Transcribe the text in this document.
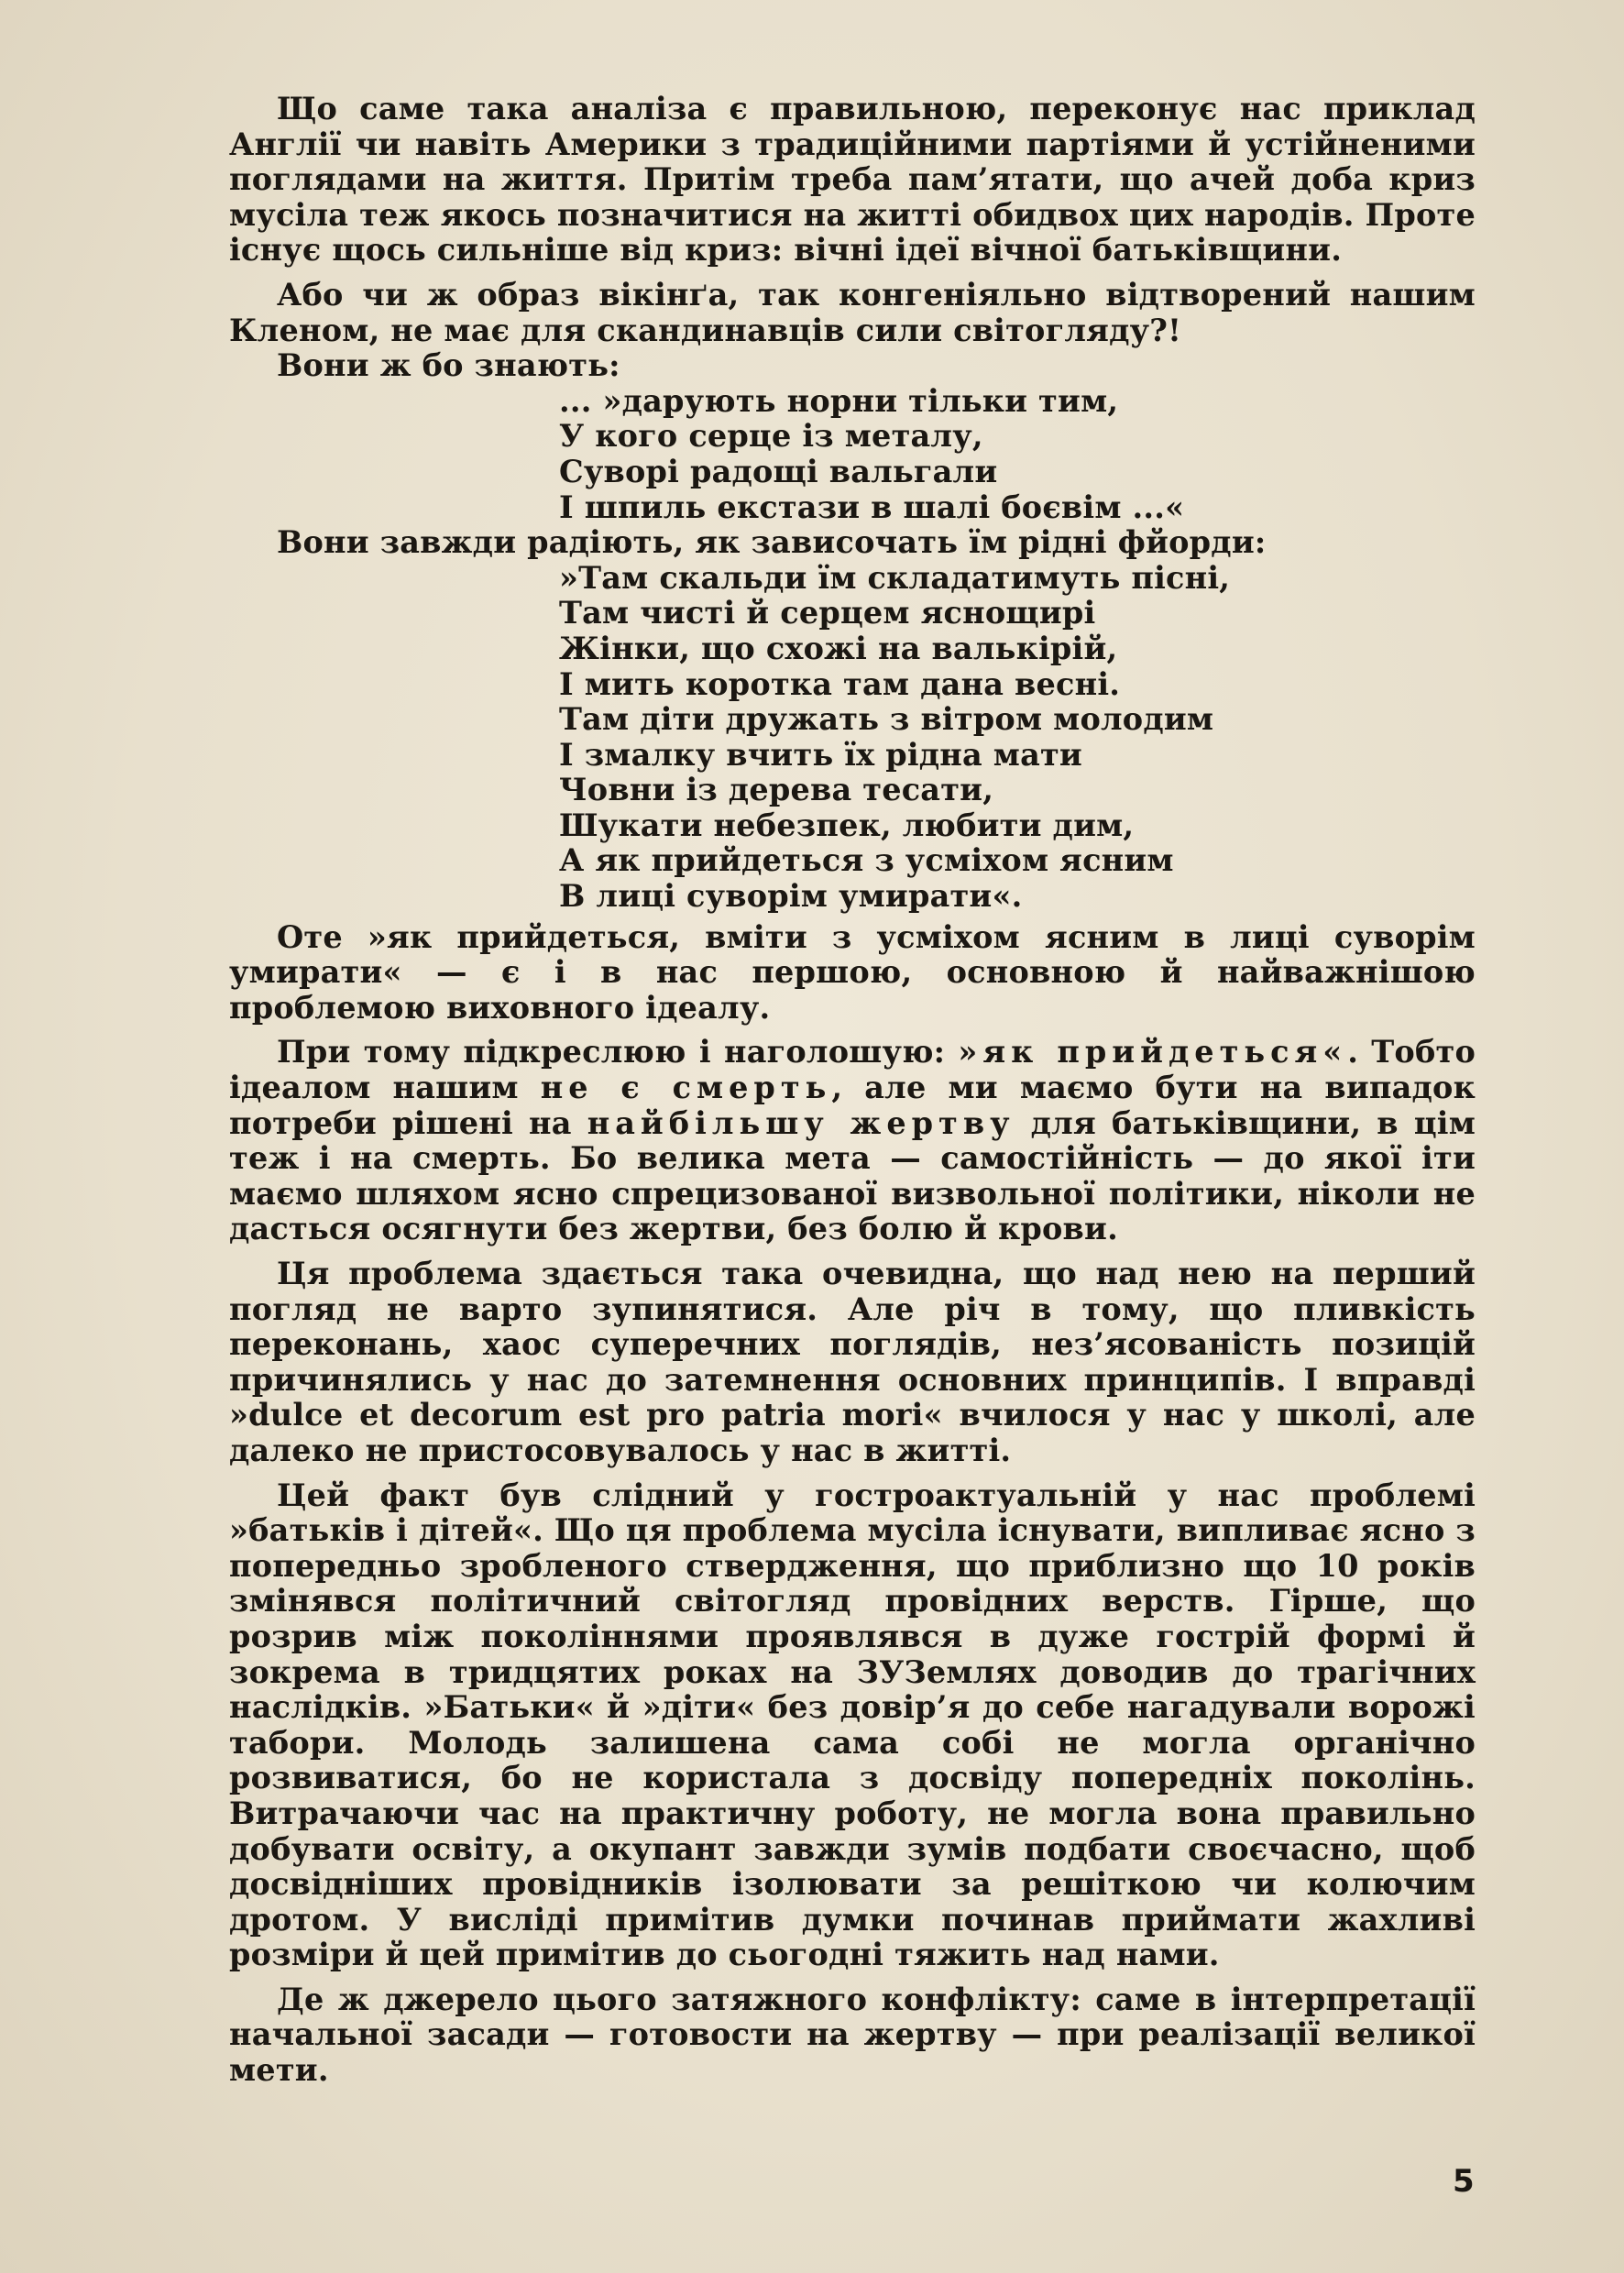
Що саме така аналіза є правильною, переконує нас приклад Англії чи навіть Америки з традиційними партіями й устійненими поглядами на життя. Притім треба пам’ятати, що ачей доба криз мусіла теж якось позначитися на житті обидвох цих народів. Проте існує щось сильніше від криз: вічні ідеї вічної батьківщини.

Або чи ж образ вікінґа, так конгеніяльно відтворений нашим Кленом, не має для скандинавців сили світогляду?!

Вони ж бо знають:

... »дарують норни тільки тим,
У кого серце із металу,
Суворі радощі вальгали
І шпиль екстази в шалі боєвім ...«

Вони завжди радіють, як зависочать їм рідні фйорди:

»Там скальди їм складатимуть пісні,
Там чисті й серцем яснощирі
Жінки, що схожі на валькірій,
І мить коротка там дана весні.
Там діти дружать з вітром молодим
І змалку вчить їх рідна мати
Човни із дерева тесати,
Шукати небезпек, любити дим,
А як прийдеться з усміхом ясним
В лиці суворім умирати«.

Оте »як прийдеться, вміти з усміхом ясним в лиці суворім умирати« — є і в нас першою, основною й найважнішою проблемою виховного ідеалу.

При тому підкреслюю і наголошую: »як прийдеться«. Тобто ідеалом нашим не є смерть, але ми маємо бути на випадок потреби рішені на найбільшу жертву для батьківщини, в цім теж і на смерть. Бо велика мета — самостійність — до якої іти маємо шляхом ясно спрецизованої визвольної політики, ніколи не дасться осягнути без жертви, без болю й крови.

Ця проблема здається така очевидна, що над нею на перший погляд не варто зупинятися. Але річ в тому, що пливкість переконань, хаос суперечних поглядів, нез’ясованість позицій причинялись у нас до затемнення основних принципів. І вправді »dulce et decorum est pro patria mori« вчилося у нас у школі, але далеко не пристосовувалось у нас в житті.

Цей факт був слідний у гостроактуальній у нас проблемі »батьків і дітей«. Що ця проблема мусіла існувати, випливає ясно з попередньо зробленого ствердження, що приблизно що 10 років змінявся політичний світогляд провідних верств. Гірше, що розрив між поколіннями проявлявся в дуже гострій формі й зокрема в тридцятих роках на ЗУЗемлях доводив до трагічних наслідків. »Батьки« й »діти« без довір’я до себе нагадували ворожі табори. Молодь залишена сама собі не могла органічно розвиватися, бо не користала з досвіду попередніх поколінь. Витрачаючи час на практичну роботу, не могла вона правильно добувати освіту, а окупант завжди зумів подбати своєчасно, щоб досвідніших провідників ізолювати за решіткою чи колючим дротом. У висліді примітив думки починав приймати жахливі розміри й цей примітив до сьогодні тяжить над нами.

Де ж джерело цього затяжного конфлікту: саме в інтерпретації начальної засади — готовости на жертву — при реалізації великої мети.

5
